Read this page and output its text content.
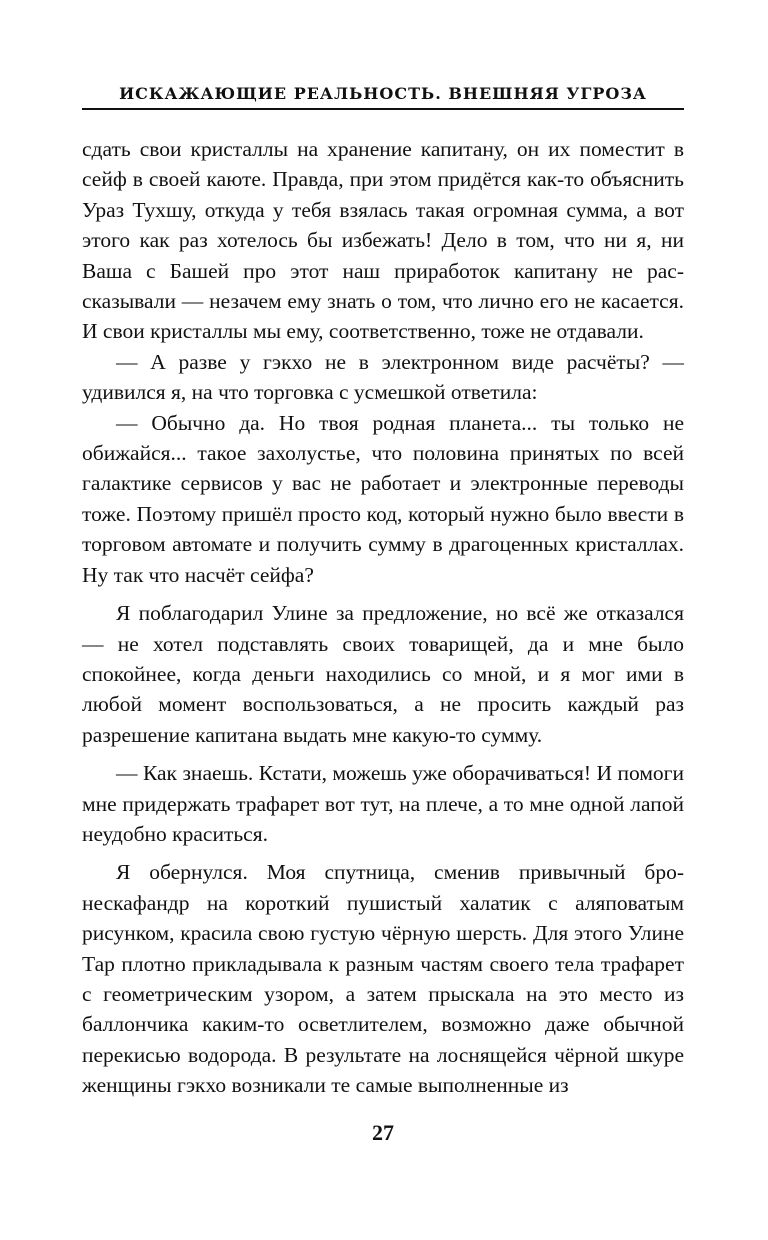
ИСКАЖАЮЩИЕ РЕАЛЬНОСТЬ. ВНЕШНЯЯ УГРОЗА

сдать свои кристаллы на хранение капитану, он их поместит в сейф в своей каюте. Правда, при этом придётся как-то объяснить Ураз Тухшу, откуда у тебя взялась такая огромная сумма, а вот этого как раз хотелось бы избежать! Дело в том, что ни я, ни Ваша с Башей про этот наш приработок капитану не рассказывали — незачем ему знать о том, что лично его не касается. И свои кристаллы мы ему, соответственно, тоже не отдавали.

— А разве у гэкхо не в электронном виде расчёты? — удивился я, на что торговка с усмешкой ответила:

— Обычно да. Но твоя родная планета... ты только не обижайся... такое захолустье, что половина принятых по всей галактике сервисов у вас не работает и электронные переводы тоже. Поэтому пришёл просто код, который нужно было ввести в торговом автомате и получить сумму в драгоценных кристаллах. Ну так что насчёт сейфа?

Я поблагодарил Улине за предложение, но всё же отказался — не хотел подставлять своих товарищей, да и мне было спокойнее, когда деньги находились со мной, и я мог ими в любой момент воспользоваться, а не просить каждый раз разрешение капитана выдать мне какую-то сумму.

— Как знаешь. Кстати, можешь уже оборачиваться! И помоги мне придержать трафарет вот тут, на плече, а то мне одной лапой неудобно краситься.

Я обернулся. Моя спутница, сменив привычный бронескафандр на короткий пушистый халатик с аляповатым рисунком, красила свою густую чёрную шерсть. Для этого Улине Тар плотно прикладывала к разным частям своего тела трафарет с геометрическим узором, а затем прыскала на это место из баллончика каким-то осветлителем, возможно даже обычной перекисью водорода. В результате на лоснящейся чёрной шкуре женщины гэкхо возникали те самые выполненные из

27
